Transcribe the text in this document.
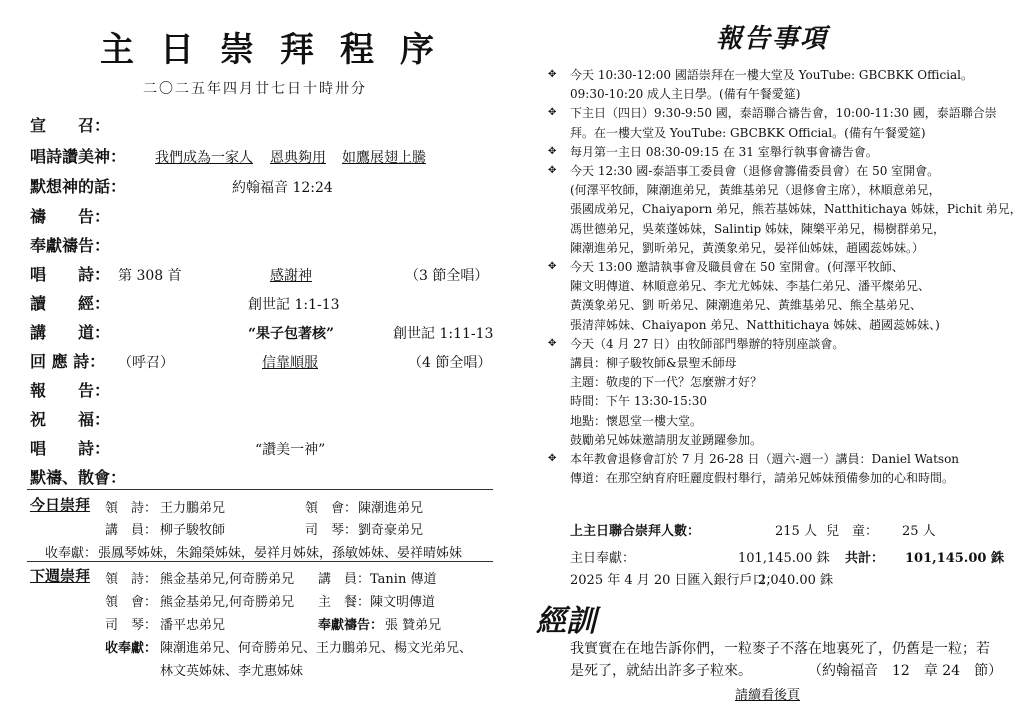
主日崇拜程序
二〇二五年四月廿七日十時卅分
宣　　召：
唱詩讚美神： 我們成為一家人 恩典夠用 如鷹展翅上騰
默想神的話：	約翰福音 12:24
禱　　告：
奉獻禱告：
唱　　詩： 第 308 首	感謝神	（3 節全唱）
讀　　經：	創世記 1:1-13
講　　道：	“果子包著核”	創世記 1:11-13
回 應 詩： （呼召）	信靠順服	（4 節全唱）
報　　告：
祝　　福：
唱　　詩：	“讚美一神”
默禱、散會：
今日崇拜 領　詩： 王力鵬弟兄	領　會： 陳潮進弟兄
講　員： 柳子駿牧師	司　琴： 劉奇豪弟兄
收奉獻： 張鳳琴姊妹，朱錦榮姊妹，晏祥月姊妹，孫敏姊妹、晏祥晴姊妹
下週崇拜 領　詩： 熊金基弟兄,何奇勝弟兄 講　員： Tanin 傳道
領　會： 熊金基弟兄,何奇勝弟兄 主　餐： 陳文明傳道
司　琴： 潘平忠弟兄	奉獻禱告： 張 贊弟兄
收奉獻： 陳潮進弟兄、何奇勝弟兄、王力鵬弟兄、楊文光弟兄、
林文英姊妹、李尤惠姊妹
報告事項
✥ 今天 10:30-12:00 國語崇拜在一樓大堂及 YouTube: GBCBKK Official。
09:30-10:20 成人主日學。(備有午餐愛筵)
✥ 下主日（四日）9:30-9:50 國，泰語聯合禱告會，10:00-11:30 國，泰語聯合崇
拜。在一樓大堂及 YouTube: GBCBKK Official。(備有午餐愛筵)
✥ 每月第一主日 08:30-09:15 在 31 室舉行執事會禱告會。
✥ 今天 12:30 國-泰語事工委員會（退修會籌備委員會）在 50 室開會。
(何澤平牧師，陳潮進弟兄，黃維基弟兄（退修會主席），林順意弟兄，
張國成弟兄，Chaiyaporn 弟兄，熊若基姊妹，Natthitichaya 姊妹，Pichit 弟兄，
馮世德弟兄，吳萊蓬姊妹，Salintip 姊妹，陳樂平弟兄，楊樹群弟兄，
陳潮進弟兄，劉昕弟兄，黃漢象弟兄，晏祥仙姊妹，趙國蕊姊妹。）
✥ 今天 13:00 邀請執事會及職員會在 50 室開會。(何澤平牧師、
陳文明傳道、林順意弟兄、李尤尤姊妹、李基仁弟兄、潘平燦弟兄、
黃漢象弟兄、劉 昕弟兄、陳潮進弟兄、黃維基弟兄、熊全基弟兄、
張清萍姊妹、Chaiyapon 弟兄、Natthitichaya 姊妹、趙國蕊姊妹、)
✥ 今天（4 月 27 日）由牧師部門舉辦的特別座談會。
講員：柳子駿牧師&景聖禾師母
主題：敬虔的下一代？怎麼辦才好？
時間：下午 13:30-15:30
地點：懷恩堂一樓大堂。
鼓勵弟兄姊妹邀請朋友並踴躍參加。
✥ 本年教會退修會訂於 7 月 26-28 日（週六-週一）講員：Daniel Watson
傳道：在那空納育府旺麗度假村舉行，請弟兄姊妹預備參加的心和時間。
上主日聯合崇拜人數：	215 人 兒　童： 25 人
主日奉獻：	101,145.00 銖 共計： 101,145.00 銖
2025 年 4 月 20 日匯入銀行戶口：
2,040.00 銖
經訓
我實實在在地告訴你們，一粒麥子不落在地裏死了，仍舊是一粒；若
是死了，就結出許多子粒來。	（約翰福音　12　章 24　節）
請續看後頁
